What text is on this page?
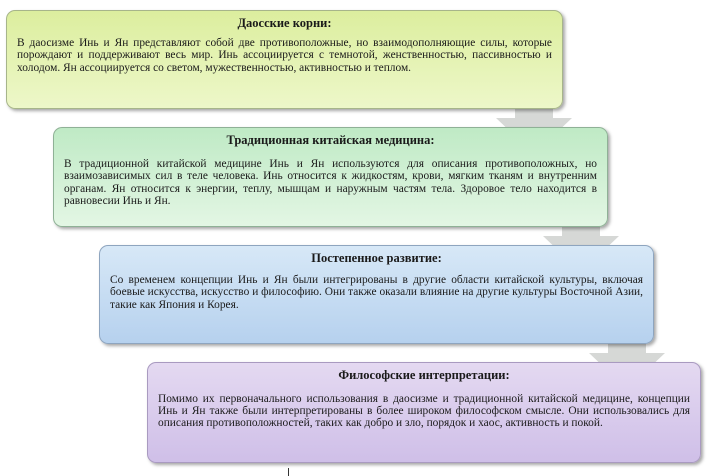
Даосские корни:

В даосизме Инь и Ян представляют собой две противоположные, но взаимодополняющие силы, которые порождают и поддерживают весь мир. Инь ассоциируется с темнотой, женственностью, пассивностью и холодом. Ян ассоциируется со светом, мужественностью, активностью и теплом.

Традиционная китайская медицина:

В традиционной китайской медицине Инь и Ян используются для описания противоположных, но взаимозависимых сил в теле человека. Инь относится к жидкостям, крови, мягким тканям и внутренним органам. Ян относится к энергии, теплу, мышцам и наружным частям тела. Здоровое тело находится в равновесии Инь и Ян.

Постепенное развитие:

Со временем концепции Инь и Ян были интегрированы в другие области китайской культуры, включая боевые искусства, искусство и философию. Они также оказали влияние на другие культуры Восточной Азии, такие как Япония и Корея.

Философские интерпретации:

Помимо их первоначального использования в даосизме и традиционной китайской медицине, концепции Инь и Ян также были интерпретированы в более широком философском смысле. Они использовались для описания противоположностей, таких как добро и зло, порядок и хаос, активность и покой.
